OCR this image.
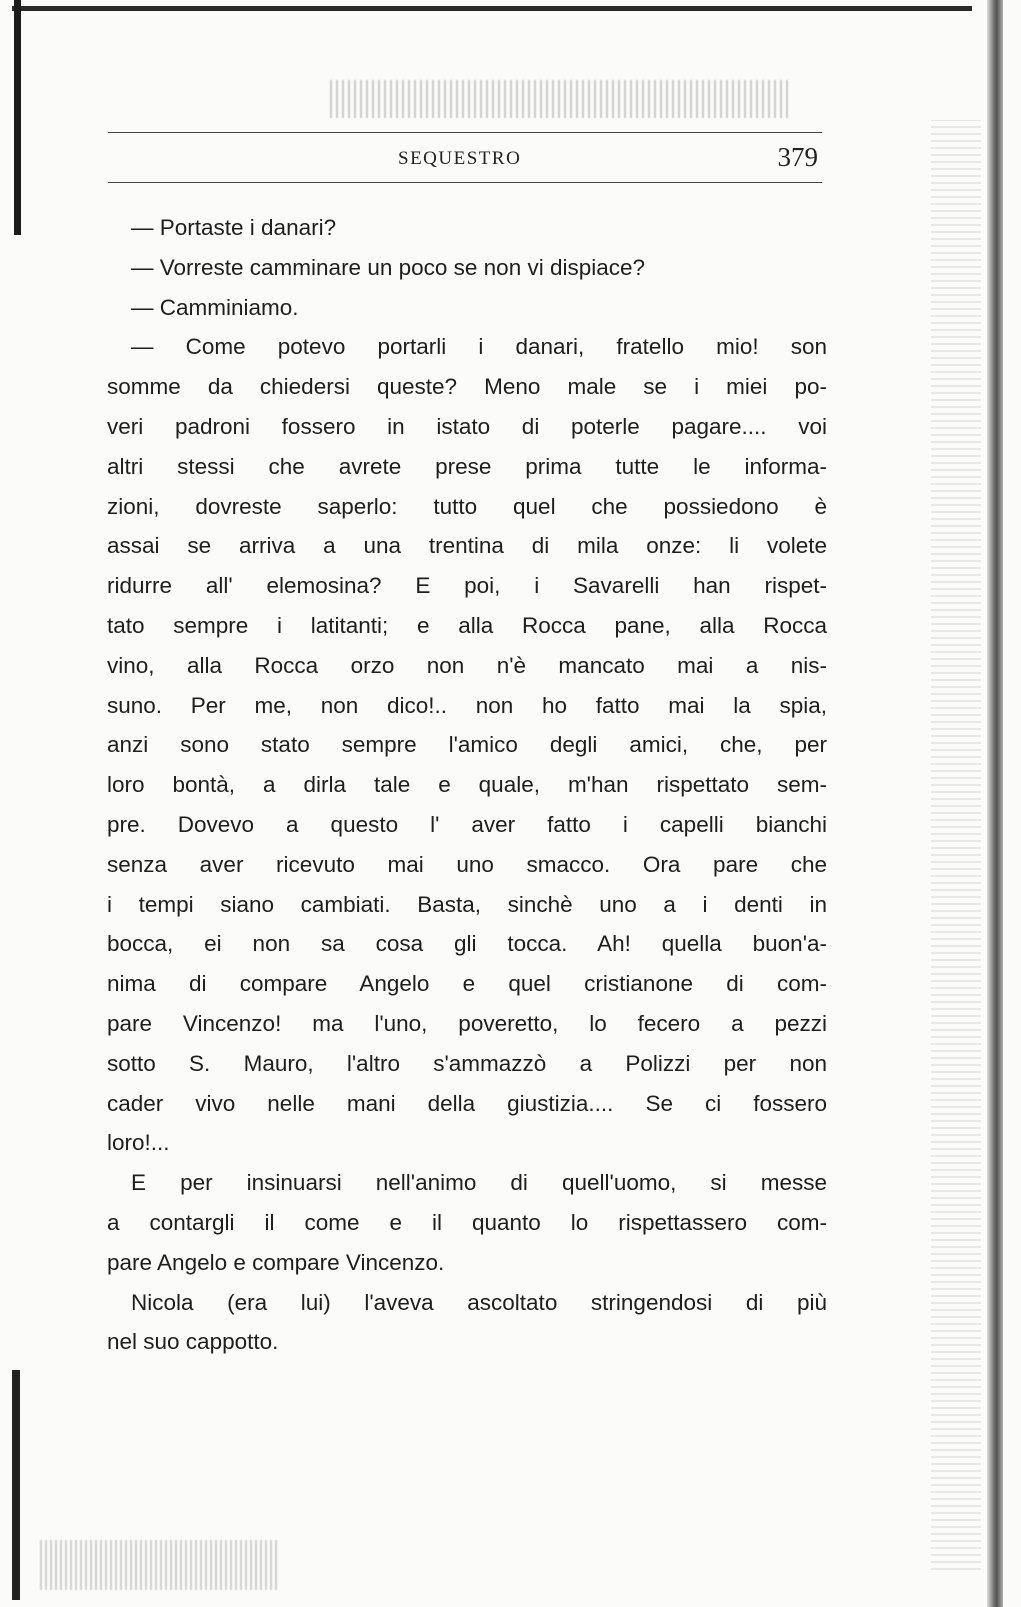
SEQUESTRO	379

— Portaste i danari?

— Vorreste camminare un poco se non vi dispiace?

— Camminiamo.

— Come potevo portarli i danari, fratello mio! son
somme da chiedersi queste? Meno male se i miei po-
veri padroni fossero in istato di poterle pagare.... voi
altri stessi che avrete prese prima tutte le informa-
zioni, dovreste saperlo: tutto quel che possiedono è
assai se arriva a una trentina di mila onze: li volete
ridurre all' elemosina? E poi, i Savarelli han rispet-
tato sempre i latitanti; e alla Rocca pane, alla Rocca
vino, alla Rocca orzo non n'è mancato mai a nis-
suno. Per me, non dico!.. non ho fatto mai la spia,
anzi sono stato sempre l'amico degli amici, che, per
loro bontà, a dirla tale e quale, m'han rispettato sem-
pre. Dovevo a questo l' aver fatto i capelli bianchi
senza aver ricevuto mai uno smacco. Ora pare che
i tempi siano cambiati. Basta, sinchè uno a i denti in
bocca, ei non sa cosa gli tocca. Ah! quella buon'a-
nima di compare Angelo e quel cristianone di com-
pare Vincenzo! ma l'uno, poveretto, lo fecero a pezzi
sotto S. Mauro, l'altro s'ammazzò a Polizzi per non
cader vivo nelle mani della giustizia.... Se ci fossero

loro!...

E per insinuarsi nell'animo di quell'uomo, si messe
a contargli il come e il quanto lo rispettassero com-

pare Angelo e compare Vincenzo.

Nicola (era lui) l'aveva ascoltato stringendosi di più

nel suo cappotto.
